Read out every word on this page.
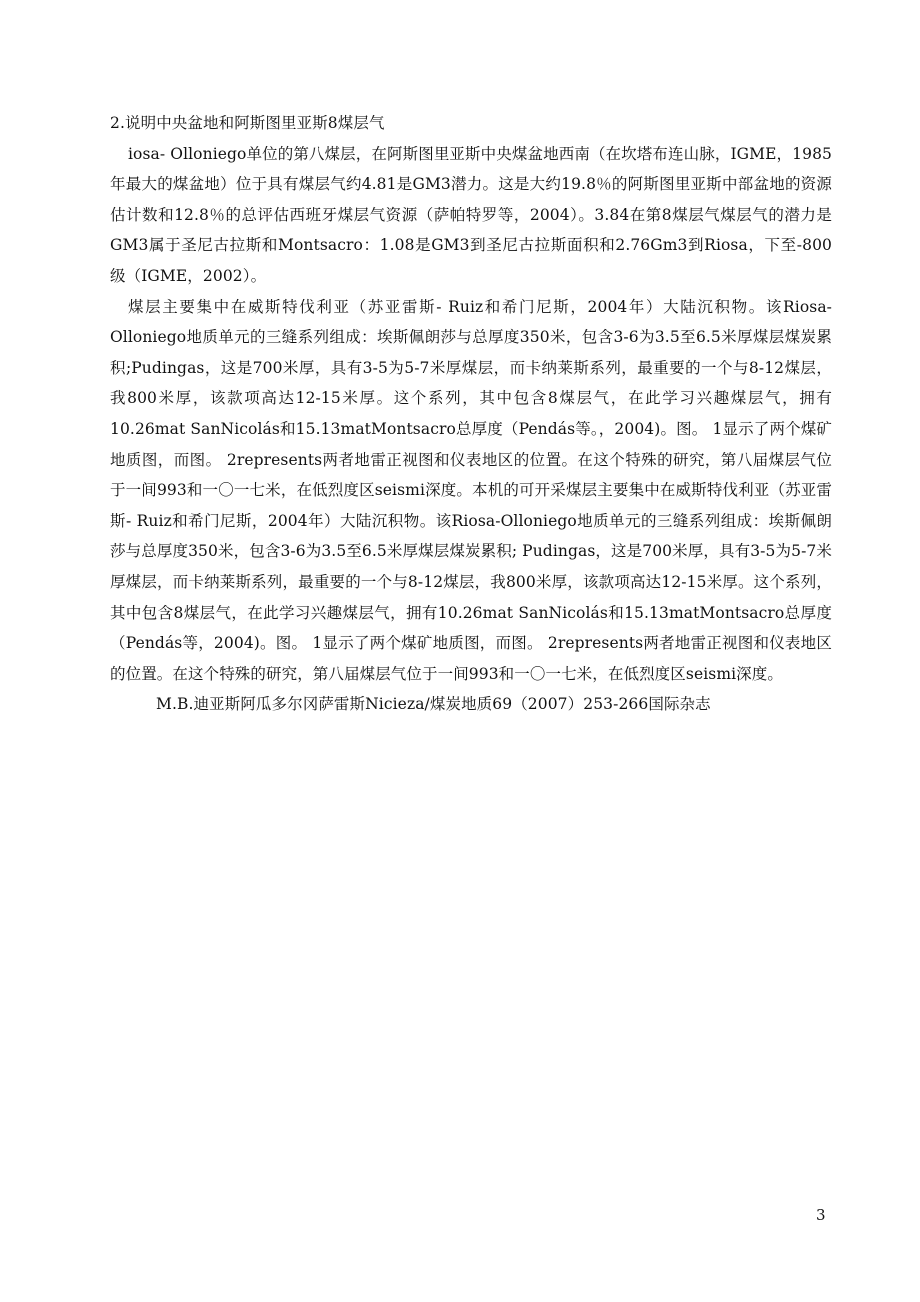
2.说明中央盆地和阿斯图里亚斯8煤层气

iosa- Olloniego单位的第八煤层，在阿斯图里亚斯中央煤盆地西南（在坎塔布连山脉，IGME，1985年最大的煤盆地）位于具有煤层气约4.81是GM3潜力。这是大约19.8％的阿斯图里亚斯中部盆地的资源估计数和12.8％的总评估西班牙煤层气资源（萨帕特罗等，2004）。3.84在第8煤层气煤层气的潜力是GM3属于圣尼古拉斯和Montsacro：1.08是GM3到圣尼古拉斯面积和2.76Gm3到Riosa，下至-800级（IGME，2002）。

煤层主要集中在威斯特伐利亚（苏亚雷斯- Ruiz和希门尼斯，2004年）大陆沉积物。该Riosa- Olloniego地质单元的三缝系列组成：埃斯佩朗莎与总厚度350米，包含3-6为3.5至6.5米厚煤层煤炭累积;Pudingas，这是700米厚，具有3-5为5-7米厚煤层，而卡纳莱斯系列，最重要的一个与8-12煤层，我800米厚，该款项高达12-15米厚。这个系列，其中包含8煤层气，在此学习兴趣煤层气，拥有10.26mat SanNicolás和15.13matMontsacro总厚度（Pendás等。，2004)。图。 1显示了两个煤矿地质图，而图。 2represents两者地雷正视图和仪表地区的位置。在这个特殊的研究，第八届煤层气位于一间993和一〇一七米，在低烈度区seismi深度。本机的可开采煤层主要集中在威斯特伐利亚（苏亚雷斯- Ruiz和希门尼斯，2004年）大陆沉积物。该Riosa-Olloniego地质单元的三缝系列组成：埃斯佩朗莎与总厚度350米，包含3-6为3.5至6.5米厚煤层煤炭累积; Pudingas，这是700米厚，具有3-5为5-7米厚煤层，而卡纳莱斯系列，最重要的一个与8-12煤层，我800米厚，该款项高达12-15米厚。这个系列，其中包含8煤层气，在此学习兴趣煤层气，拥有10.26mat SanNicolás和15.13matMontsacro总厚度（Pendás等，2004)。图。 1显示了两个煤矿地质图，而图。 2represents两者地雷正视图和仪表地区的位置。在这个特殊的研究，第八届煤层气位于一间993和一〇一七米，在低烈度区seismi深度。

M.B.迪亚斯阿瓜多尔冈萨雷斯Nicieza/煤炭地质69（2007）253-266国际杂志

3
